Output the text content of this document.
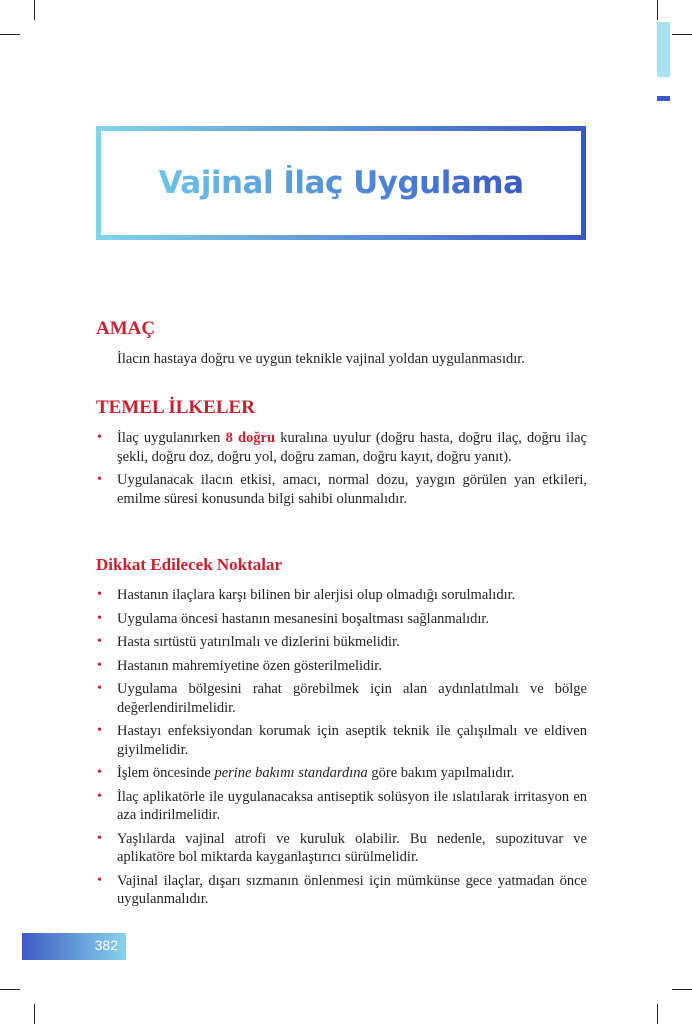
Vajinal İlaç Uygulama
AMAÇ

İlacın hastaya doğru ve uygun teknikle vajinal yoldan uygulanmasıdır.

TEMEL İLKELER
• İlaç uygulanırken 8 doğru kuralına uyulur (doğru hasta, doğru ilaç, doğru ilaç şekli, doğru doz, doğru yol, doğru zaman, doğru kayıt, doğru yanıt).
• Uygulanacak ilacın etkisi, amacı, normal dozu, yaygın görülen yan etkileri, emilme süresi konusunda bilgi sahibi olunmalıdır.
Dikkat Edilecek Noktalar
• Hastanın ilaçlara karşı bilinen bir alerjisi olup olmadığı sorulmalıdır.
• Uygulama öncesi hastanın mesanesini boşaltması sağlanmalıdır.
• Hasta sırtüstü yatırılmalı ve dizlerini bükmelidir.
• Hastanın mahremiyetine özen gösterilmelidir.
• Uygulama bölgesini rahat görebilmek için alan aydınlatılmalı ve bölge değerlendirilmelidir.
• Hastayı enfeksiyondan korumak için aseptik teknik ile çalışılmalı ve eldiven giyilmelidir.
• İşlem öncesinde perine bakımı standardına göre bakım yapılmalıdır.
• İlaç aplikatörle ile uygulanacaksa antiseptik solüsyon ile ıslatılarak irritasyon en aza indirilmelidir.
• Yaşlılarda vajinal atrofi ve kuruluk olabilir. Bu nedenle, supozituvar ve aplikatöre bol miktarda kayganlaştırıcı sürülmelidir.
• Vajinal ilaçlar, dışarı sızmanın önlenmesi için mümkünse gece yatmadan önce uygulanmalıdır.
382
